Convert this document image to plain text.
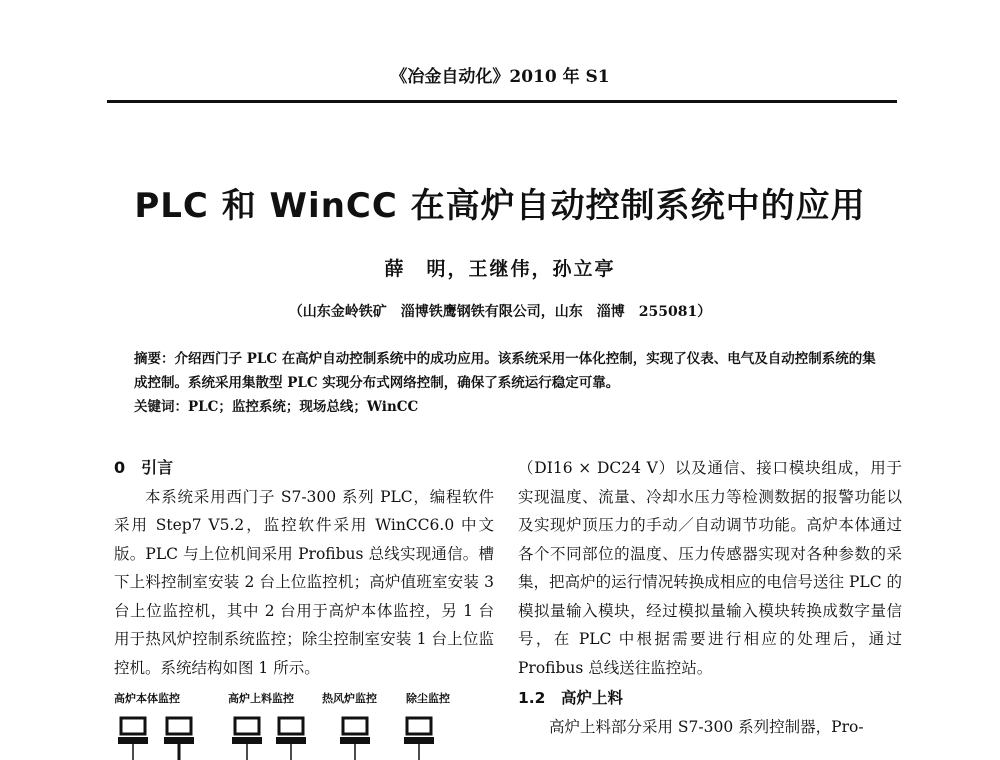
《冶金自动化》2010 年 S1
PLC 和 WinCC 在高炉自动控制系统中的应用
薛　明，王继伟，孙立亭
（山东金岭铁矿　淄博铁鹰钢铁有限公司，山东　淄博　255081）
摘要：介绍西门子 PLC 在高炉自动控制系统中的成功应用。该系统采用一体化控制，实现了仪表、电气及自动控制系统的集成控制。系统采用集散型 PLC 实现分布式网络控制，确保了系统运行稳定可靠。
关键词：PLC；监控系统；现场总线；WinCC
0　引言

本系统采用西门子 S7-300 系列 PLC，编程软件采用 Step7 V5.2，监控软件采用 WinCC6.0 中文版。PLC 与上位机间采用 Profibus 总线实现通信。槽下上料控制室安装 2 台上位监控机；高炉值班室安装 3 台上位监控机，其中 2 台用于高炉本体监控，另 1 台用于热风炉控制系统监控；除尘控制室安装 1 台上位监控机。系统结构如图 1 所示。

高炉本体监控	高炉上料监控	热风炉监控	除尘监控

（DI16 × DC24 V）以及通信、接口模块组成，用于实现温度、流量、冷却水压力等检测数据的报警功能以及实现炉顶压力的手动／自动调节功能。高炉本体通过各个不同部位的温度、压力传感器实现对各种参数的采集，把高炉的运行情况转换成相应的电信号送往 PLC 的模拟量输入模块，经过模拟量输入模块转换成数字量信号，在 PLC 中根据需要进行相应的处理后，通过 Profibus 总线送往监控站。

1.2　高炉上料

高炉上料部分采用 S7-300 系列控制器，Pro-
